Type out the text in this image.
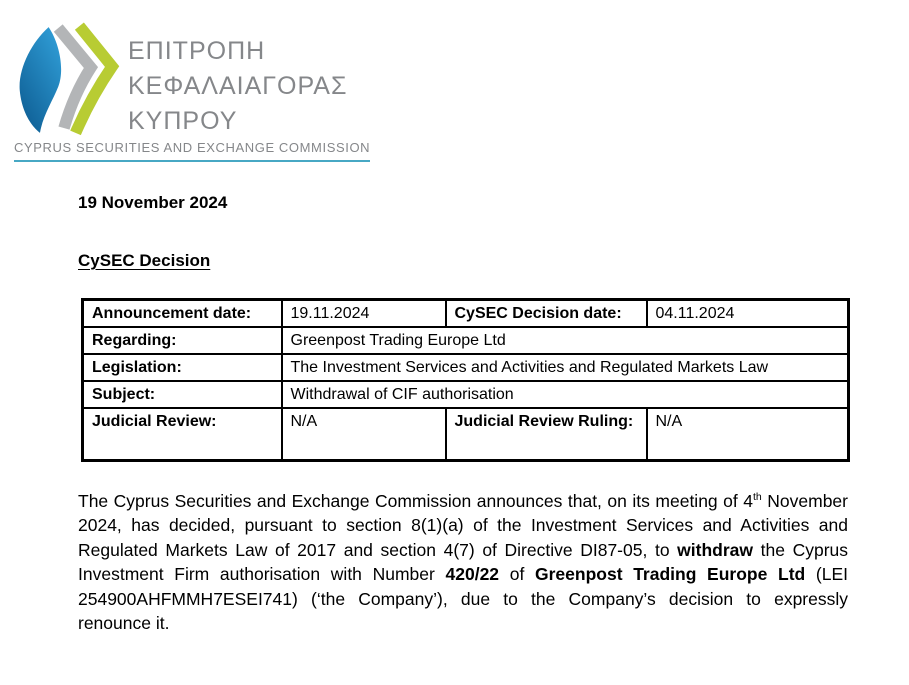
ΕΠΙΤΡΟΠΗ
ΚΕΦΑΛΑΙΑΓΟΡΑΣ
ΚΥΠΡΟΥ
CYPRUS SECURITIES AND EXCHANGE COMMISSION
19 November 2024
CySEC Decision
Announcement date:	19.11.2024	CySEC Decision date:	04.11.2024
Regarding:	Greenpost Trading Europe Ltd		
Legislation:	The Investment Services and Activities and Regulated Markets Law		
Subject:	Withdrawal of CIF authorisation		
Judicial Review:	N/A	Judicial Review Ruling:	N/A

The Cyprus Securities and Exchange Commission announces that, on its meeting of 4th November 2024, has decided, pursuant to section 8(1)(a) of the Investment Services and Activities and Regulated Markets Law of 2017 and section 4(7) of Directive DI87-05, to withdraw the Cyprus Investment Firm authorisation with Number 420/22 of Greenpost Trading Europe Ltd (LEI 254900AHFMMH7ESEI741) (‘the Company’), due to the Company’s decision to expressly renounce it.
